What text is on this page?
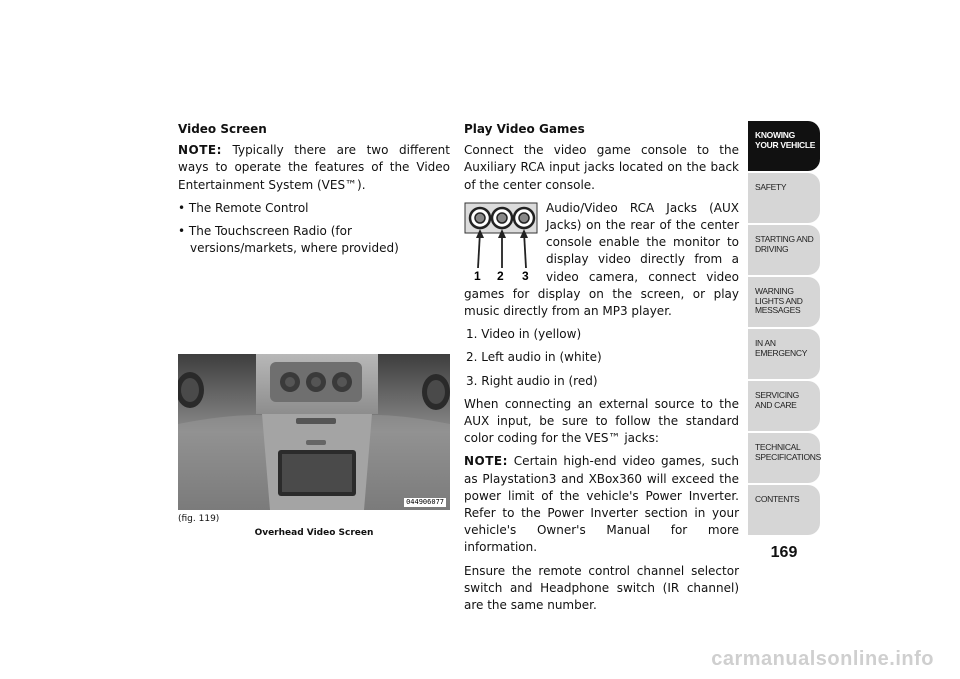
Video Screen

NOTE: Typically there are two different ways to operate the features of the Video Entertainment System (VES™).

• The Remote Control

• The Touchscreen Radio (for versions/markets, where provided)

044906077
(fig. 119)
Overhead Video Screen

Play Video Games

Connect the video game console to the Auxiliary RCA input jacks located on the back of the center console.

1 2 3

Audio/Video RCA Jacks (AUX Jacks) on the rear of the center console enable the monitor to display video directly from a video camera, connect video games for display on the screen, or play music directly from an MP3 player.

1. Video in (yellow)

2. Left audio in (white)

3. Right audio in (red)

When connecting an external source to the AUX input, be sure to follow the standard color coding for the VES™ jacks:

NOTE: Certain high-end video games, such as Playstation3 and XBox360 will exceed the power limit of the vehicle's Power Inverter. Refer to the Power Inverter section in your vehicle's Owner's Manual for more information.

Ensure the remote control channel selector switch and Headphone switch (IR channel) are the same number.

KNOWING YOUR VEHICLE
SAFETY
STARTING AND DRIVING
WARNING LIGHTS AND MESSAGES
IN AN EMERGENCY
SERVICING AND CARE
TECHNICAL SPECIFICATIONS
CONTENTS
169
carmanualsonline.info
